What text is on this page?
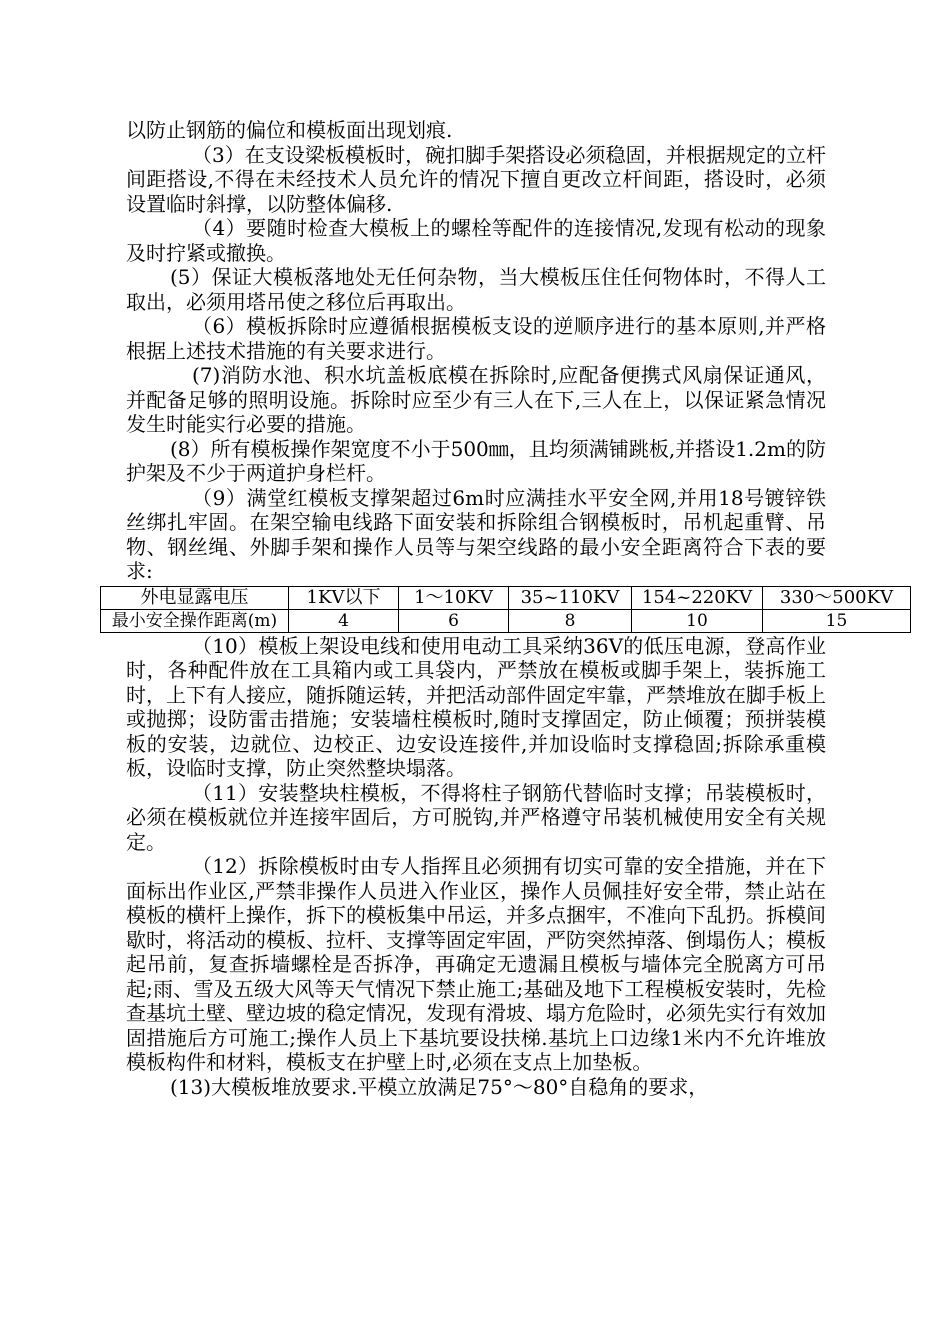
以防止钢筋的偏位和模板面出现划痕.

（3）在支设梁板模板时，碗扣脚手架搭设必须稳固，并根据规定的立杆间距搭设,不得在未经技术人员允许的情况下擅自更改立杆间距，搭设时，必须设置临时斜撑，以防整体偏移.

（4）要随时检查大模板上的螺栓等配件的连接情况,发现有松动的现象及时拧紧或撤换。

(5）保证大模板落地处无任何杂物，当大模板压住任何物体时，不得人工取出，必须用塔吊使之移位后再取出。

（6）模板拆除时应遵循根据模板支设的逆顺序进行的基本原则,并严格根据上述技术措施的有关要求进行。

(7)消防水池、积水坑盖板底模在拆除时,应配备便携式风扇保证通风，并配备足够的照明设施。拆除时应至少有三人在下,三人在上，以保证紧急情况发生时能实行必要的措施。

(8）所有模板操作架宽度不小于500㎜，且均须满铺跳板,并搭设1.2m的防护架及不少于两道护身栏杆。

（9）满堂红模板支撑架超过6m时应满挂水平安全网,并用18号镀锌铁丝绑扎牢固。在架空输电线路下面安装和拆除组合钢模板时，吊机起重臂、吊物、钢丝绳、外脚手架和操作人员等与架空线路的最小安全距离符合下表的要求:

外电显露电压	1KV以下	1～10KV	35~110KV	154~220KV	330～500KV
最小安全操作距离(m)	4	6	8	10	15

（10）模板上架设电线和使用电动工具采纳36V的低压电源，登高作业时，各种配件放在工具箱内或工具袋内，严禁放在模板或脚手架上，装拆施工时，上下有人接应，随拆随运转，并把活动部件固定牢靠，严禁堆放在脚手板上或抛掷；设防雷击措施；安装墙柱模板时,随时支撑固定，防止倾覆；预拼装模板的安装，边就位、边校正、边安设连接件,并加设临时支撑稳固;拆除承重模板，设临时支撑，防止突然整块塌落。

（11）安装整块柱模板，不得将柱子钢筋代替临时支撑；吊装模板时，必须在模板就位并连接牢固后，方可脱钩,并严格遵守吊装机械使用安全有关规定。

（12）拆除模板时由专人指挥且必须拥有切实可靠的安全措施，并在下面标出作业区,严禁非操作人员进入作业区，操作人员佩挂好安全带，禁止站在模板的横杆上操作，拆下的模板集中吊运，并多点捆牢，不准向下乱扔。拆模间歇时，将活动的模板、拉杆、支撑等固定牢固，严防突然掉落、倒塌伤人；模板起吊前，复查拆墙螺栓是否拆净，再确定无遗漏且模板与墙体完全脱离方可吊起;雨、雪及五级大风等天气情况下禁止施工;基础及地下工程模板安装时，先检查基坑土壁、壁边坡的稳定情况，发现有滑坡、塌方危险时，必须先实行有效加固措施后方可施工;操作人员上下基坑要设扶梯.基坑上口边缘1米内不允许堆放模板构件和材料，模板支在护壁上时,必须在支点上加垫板。

(13)大模板堆放要求.平模立放满足75°～80°自稳角的要求，
